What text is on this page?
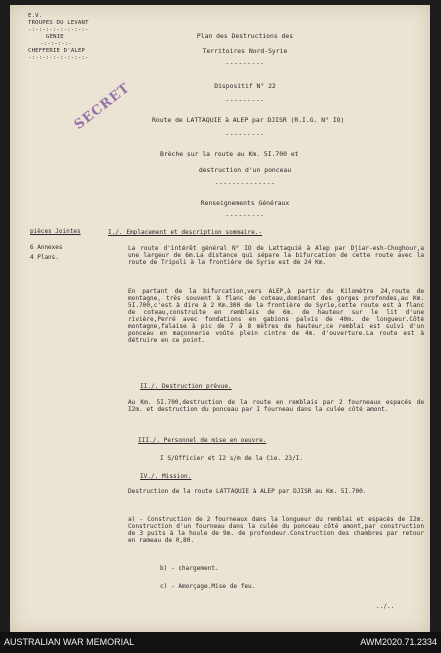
E.V.
TROUPES DU LEVANT
-:-:-:-:-:-:-:-:-
GENIE
-:-:-:-:-
CHEFFERIE D'ALEP
-:-:-:-:-:-:-:-:-
Plan des Destructions des
Territoires Nord-Syrie
---------
Dispositif N° 22
---------
Route de LATTAQUIE à ALEP par DJISR (R.I.G. N° IO)
---------
Brèche sur la route au Km. 5I.700 et
destruction d'un ponceau
--------------
Renseignements Généraux
---------
SECRET
pièces Jointes
6 Annexes
4 Plans.
I./. Emplacement et description sommaire.-
La route d'intérêt général N° IO de Lattaquié à Alep par Djiar-esh-Choghour,a une largeur de 6m.La distance qui sépare la bifurcation de cette route avec la route de Tripoli à la frontière de Syrie est de 24 Km.
En partant de la bifurcation,vers ALEP,à partir du Kilomètre 24,route de montagne, très souvent à flanc de coteau,dominant des gorges profondes,au Km. 5I.700,c'est à dire à 2 Km.300 de la frontière de Syrie,cette route est à flanc de coteau,construite en remblais de 6m. de hauteur sur le lit d'une rivière,Perré avec fondations en gabions palvis de 40m. de longueur.Côté montagne,falaise à pic de 7 à 8 mètres de hauteur,ce remblai est suivi d'un ponceau en maçonnerie voûte plein cintre de 4m. d'ouverture.La route est à détruire en ce point.
II./. Destruction prévue.
Au Km. 5I.700,destruction de la route en remblais par 2 fourneaux espacés de I2m. et destruction du ponceau par I fourneau dans la culée côté amont.
III./. Personnel de mise en oeuvre.
I S/Officier et I2 s/m de la Cie. 23/I.
IV./. Mission.
Destruction de la route LATTAQUIE à ALEP par DJISR au Km. 5I.700.
a) - Construction de 2 fourneaux dans la longueur du remblai et espacés de I2m. Construction d'un fourneau dans la culée du ponceau côté amont,par construction de 3 puits à la houle de 9m. de profondeur.Construction des chambres par retour en rameau de 0,80.
b) - chargement.
c) - Amorçage.Mise de feu.
../..
AUSTRALIAN WAR MEMORIAL	AWM2020.71.2334
